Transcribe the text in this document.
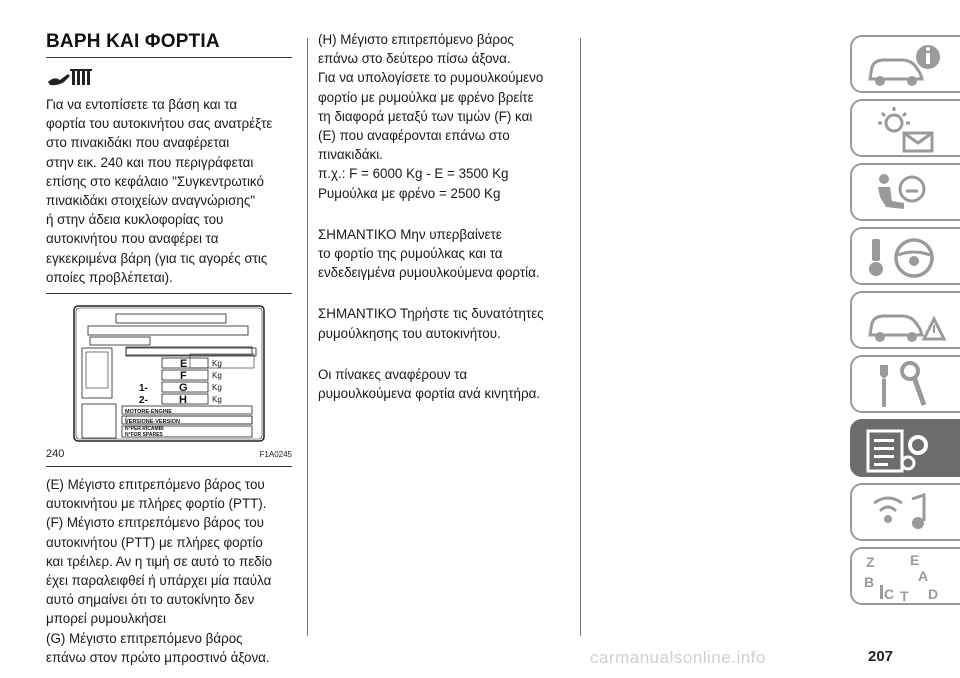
ΒΑΡΗ ΚΑΙ ΦΟΡΤΙΑ
Για να εντοπίσετε τα βάση και τα
φορτία του αυτοκινήτου σας ανατρέξτε
στο πινακιδάκι που αναφέρεται
στην εικ. 240 και που περιγράφεται
επίσης στο κεφάλαιο "Συγκεντρωτικό
πινακιδάκι στοιχείων αναγνώρισης"
ή στην άδεια κυκλοφορίας του
αυτοκινήτου που αναφέρει τα
εγκεκριμένα βάρη (για τις αγορές στις
οποίες προβλέπεται).
E
F
G
H
1-
2-
Kg
Kg
Kg
Kg
MOTORE-ENGINE
VERSIONE-VERSION
N°PER RICAMBI
N°FOR SPARES
240	F1A0245
(E) Μέγιστο επιτρεπόμενο βάρος του
αυτοκινήτου με πλήρες φορτίο (PTT).
(F) Μέγιστο επιτρεπόμενο βάρος του
αυτοκινήτου (PTT) με πλήρες φορτίο
και τρέιλερ. Αν η τιμή σε αυτό το πεδίο
έχει παραλειφθεί ή υπάρχει μία παύλα
αυτό σημαίνει ότι το αυτοκίνητο δεν
μπορεί ρυμουλκήσει
(G) Μέγιστο επιτρεπόμενο βάρος
επάνω στον πρώτο μπροστινό άξονα.
(H) Μέγιστο επιτρεπόμενο βάρος
επάνω στο δεύτερο πίσω άξονα.
Για να υπολογίσετε το ρυμουλκούμενο
φορτίο με ρυμούλκα με φρένο βρείτε
τη διαφορά μεταξύ των τιμών (F) και
(E) που αναφέρονται επάνω στο
πινακιδάκι.
π.χ.: F = 6000 Kg - E = 3500 Kg
Ρυμούλκα με φρένο = 2500 Kg
ΣΗΜΑΝΤΙΚΟ Μην υπερβαίνετε
το φορτίο της ρυμούλκας και τα
ενδεδειγμένα ρυμουλκούμενα φορτία.
ΣΗΜΑΝΤΙΚΟ Τηρήστε τις δυνατότητες
ρυμούλκησης του αυτοκινήτου.
Οι πίνακες αναφέρουν τα
ρυμουλκούμενα φορτία ανά κινητήρα.
Z	E
A
B
C T D
carmanualsonline.info	207
